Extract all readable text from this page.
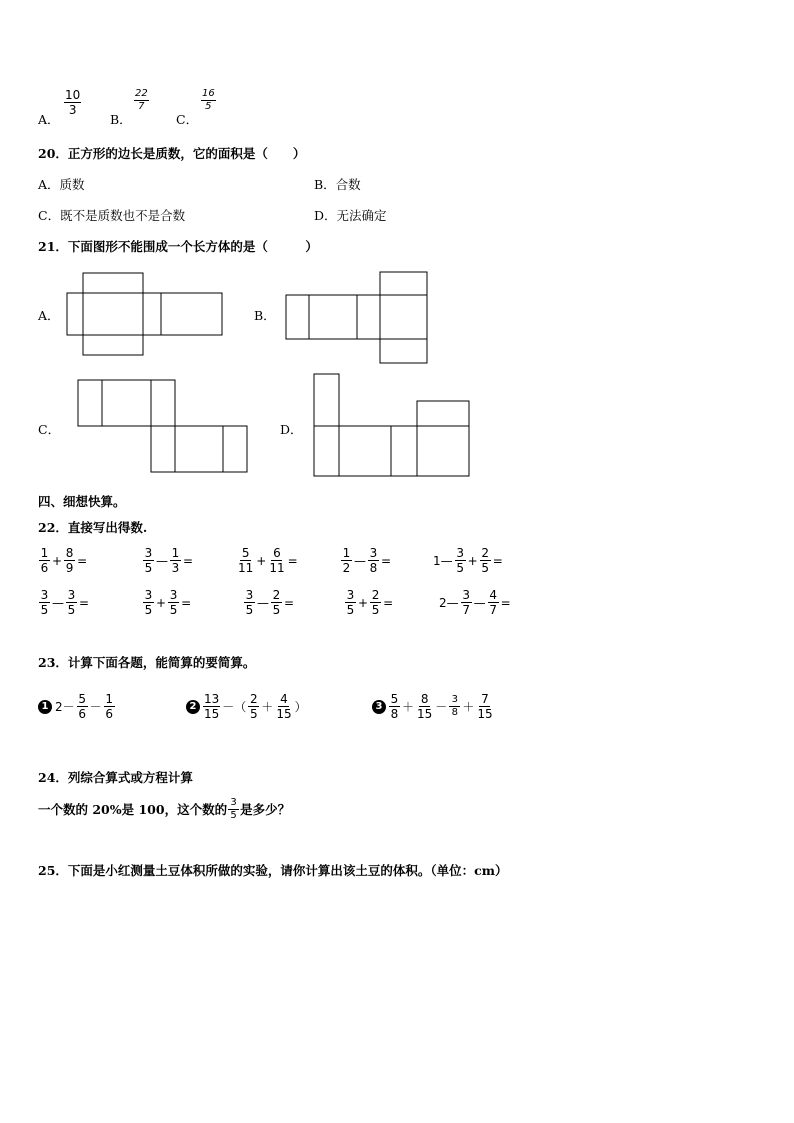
A．
$\frac{10}{3}$
B．
$\frac{22}{7}$
C．
$\frac{16}{5}$
20．正方形的边长是质数，它的面积是（　　）
A．质数	B．合数
C．既不是质数也不是合数	D．无法确定
21．下面图形不能围成一个长方体的是（　　　）
A．	B．
C．	D．
四、细想快算。
22．直接写出得数.
$\frac{1}{6} + \frac{8}{9}$ =	$\frac{3}{5}$ — $\frac{1}{3}$ =	$\frac{5}{11} + \frac{6}{11}$ =	$\frac{1}{2}$ — $\frac{3}{8}$ =	1— $\frac{3}{5} + \frac{2}{5}$ =
$\frac{3}{5}$ — $\frac{3}{5}$ =	$\frac{3}{5} + \frac{3}{5}$ =	$\frac{3}{5}$ — $\frac{2}{5}$ =	$\frac{3}{5} + \frac{2}{5}$ =	2— $\frac{3}{7}$ — $\frac{4}{7}$ =
23．计算下面各题，能简算的要简算。
1 $2- \frac{5}{6} - \frac{1}{6}$	$2 \frac{13}{15}$ －（ $\frac{2}{5} + \frac{4}{15}$ ）	$3 \frac{5}{8} + \frac{8}{15} - \frac{3}{8} + \frac{7}{15}$
24．列综合算式或方程计算
一个数的 20%是 100，这个数的 $\frac{3}{5}$ 是多少？
25．下面是小红测量土豆体积所做的实验，请你计算出该土豆的体积。（单位：cm）
